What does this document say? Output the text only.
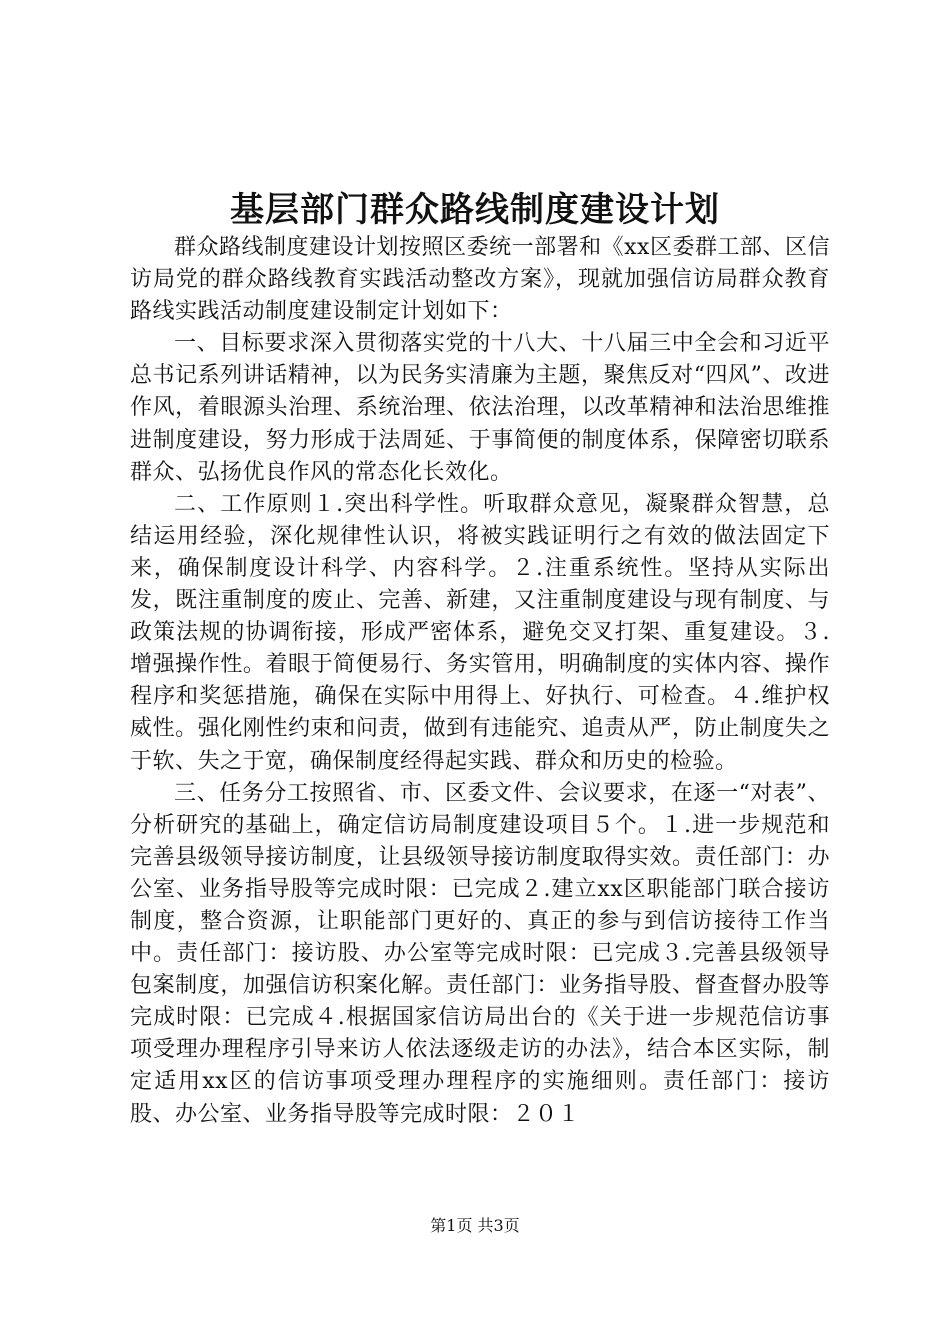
基层部门群众路线制度建设计划

群众路线制度建设计划按照区委统一部署和《xx区委群工部、区信访局党的群众路线教育实践活动整改方案》，现就加强信访局群众教育路线实践活动制度建设制定计划如下：

一、目标要求深入贯彻落实党的十八大、十八届三中全会和习近平总书记系列讲话精神，以为民务实清廉为主题，聚焦反对“四风”、改进作风，着眼源头治理、系统治理、依法治理，以改革精神和法治思维推进制度建设，努力形成于法周延、于事简便的制度体系，保障密切联系群众、弘扬优良作风的常态化长效化。

二、工作原则１.突出科学性。听取群众意见，凝聚群众智慧，总结运用经验，深化规律性认识，将被实践证明行之有效的做法固定下来，确保制度设计科学、内容科学。２.注重系统性。坚持从实际出发，既注重制度的废止、完善、新建，又注重制度建设与现有制度、与政策法规的协调衔接，形成严密体系，避免交叉打架、重复建设。３.增强操作性。着眼于简便易行、务实管用，明确制度的实体内容、操作程序和奖惩措施，确保在实际中用得上、好执行、可检查。４.维护权威性。强化刚性约束和问责，做到有违能究、追责从严，防止制度失之于软、失之于宽，确保制度经得起实践、群众和历史的检验。

三、任务分工按照省、市、区委文件、会议要求，在逐一“对表”、分析研究的基础上，确定信访局制度建设项目５个。１.进一步规范和完善县级领导接访制度，让县级领导接访制度取得实效。责任部门：办公室、业务指导股等完成时限：已完成２.建立xx区职能部门联合接访制度，整合资源，让职能部门更好的、真正的参与到信访接待工作当中。责任部门：接访股、办公室等完成时限：已完成３.完善县级领导包案制度，加强信访积案化解。责任部门：业务指导股、督查督办股等完成时限：已完成４.根据国家信访局出台的《关于进一步规范信访事项受理办理程序引导来访人依法逐级走访的办法》，结合本区实际，制定适用xx区的信访事项受理办理程序的实施细则。责任部门：接访股、办公室、业务指导股等完成时限：２０１

第1页 共3页
